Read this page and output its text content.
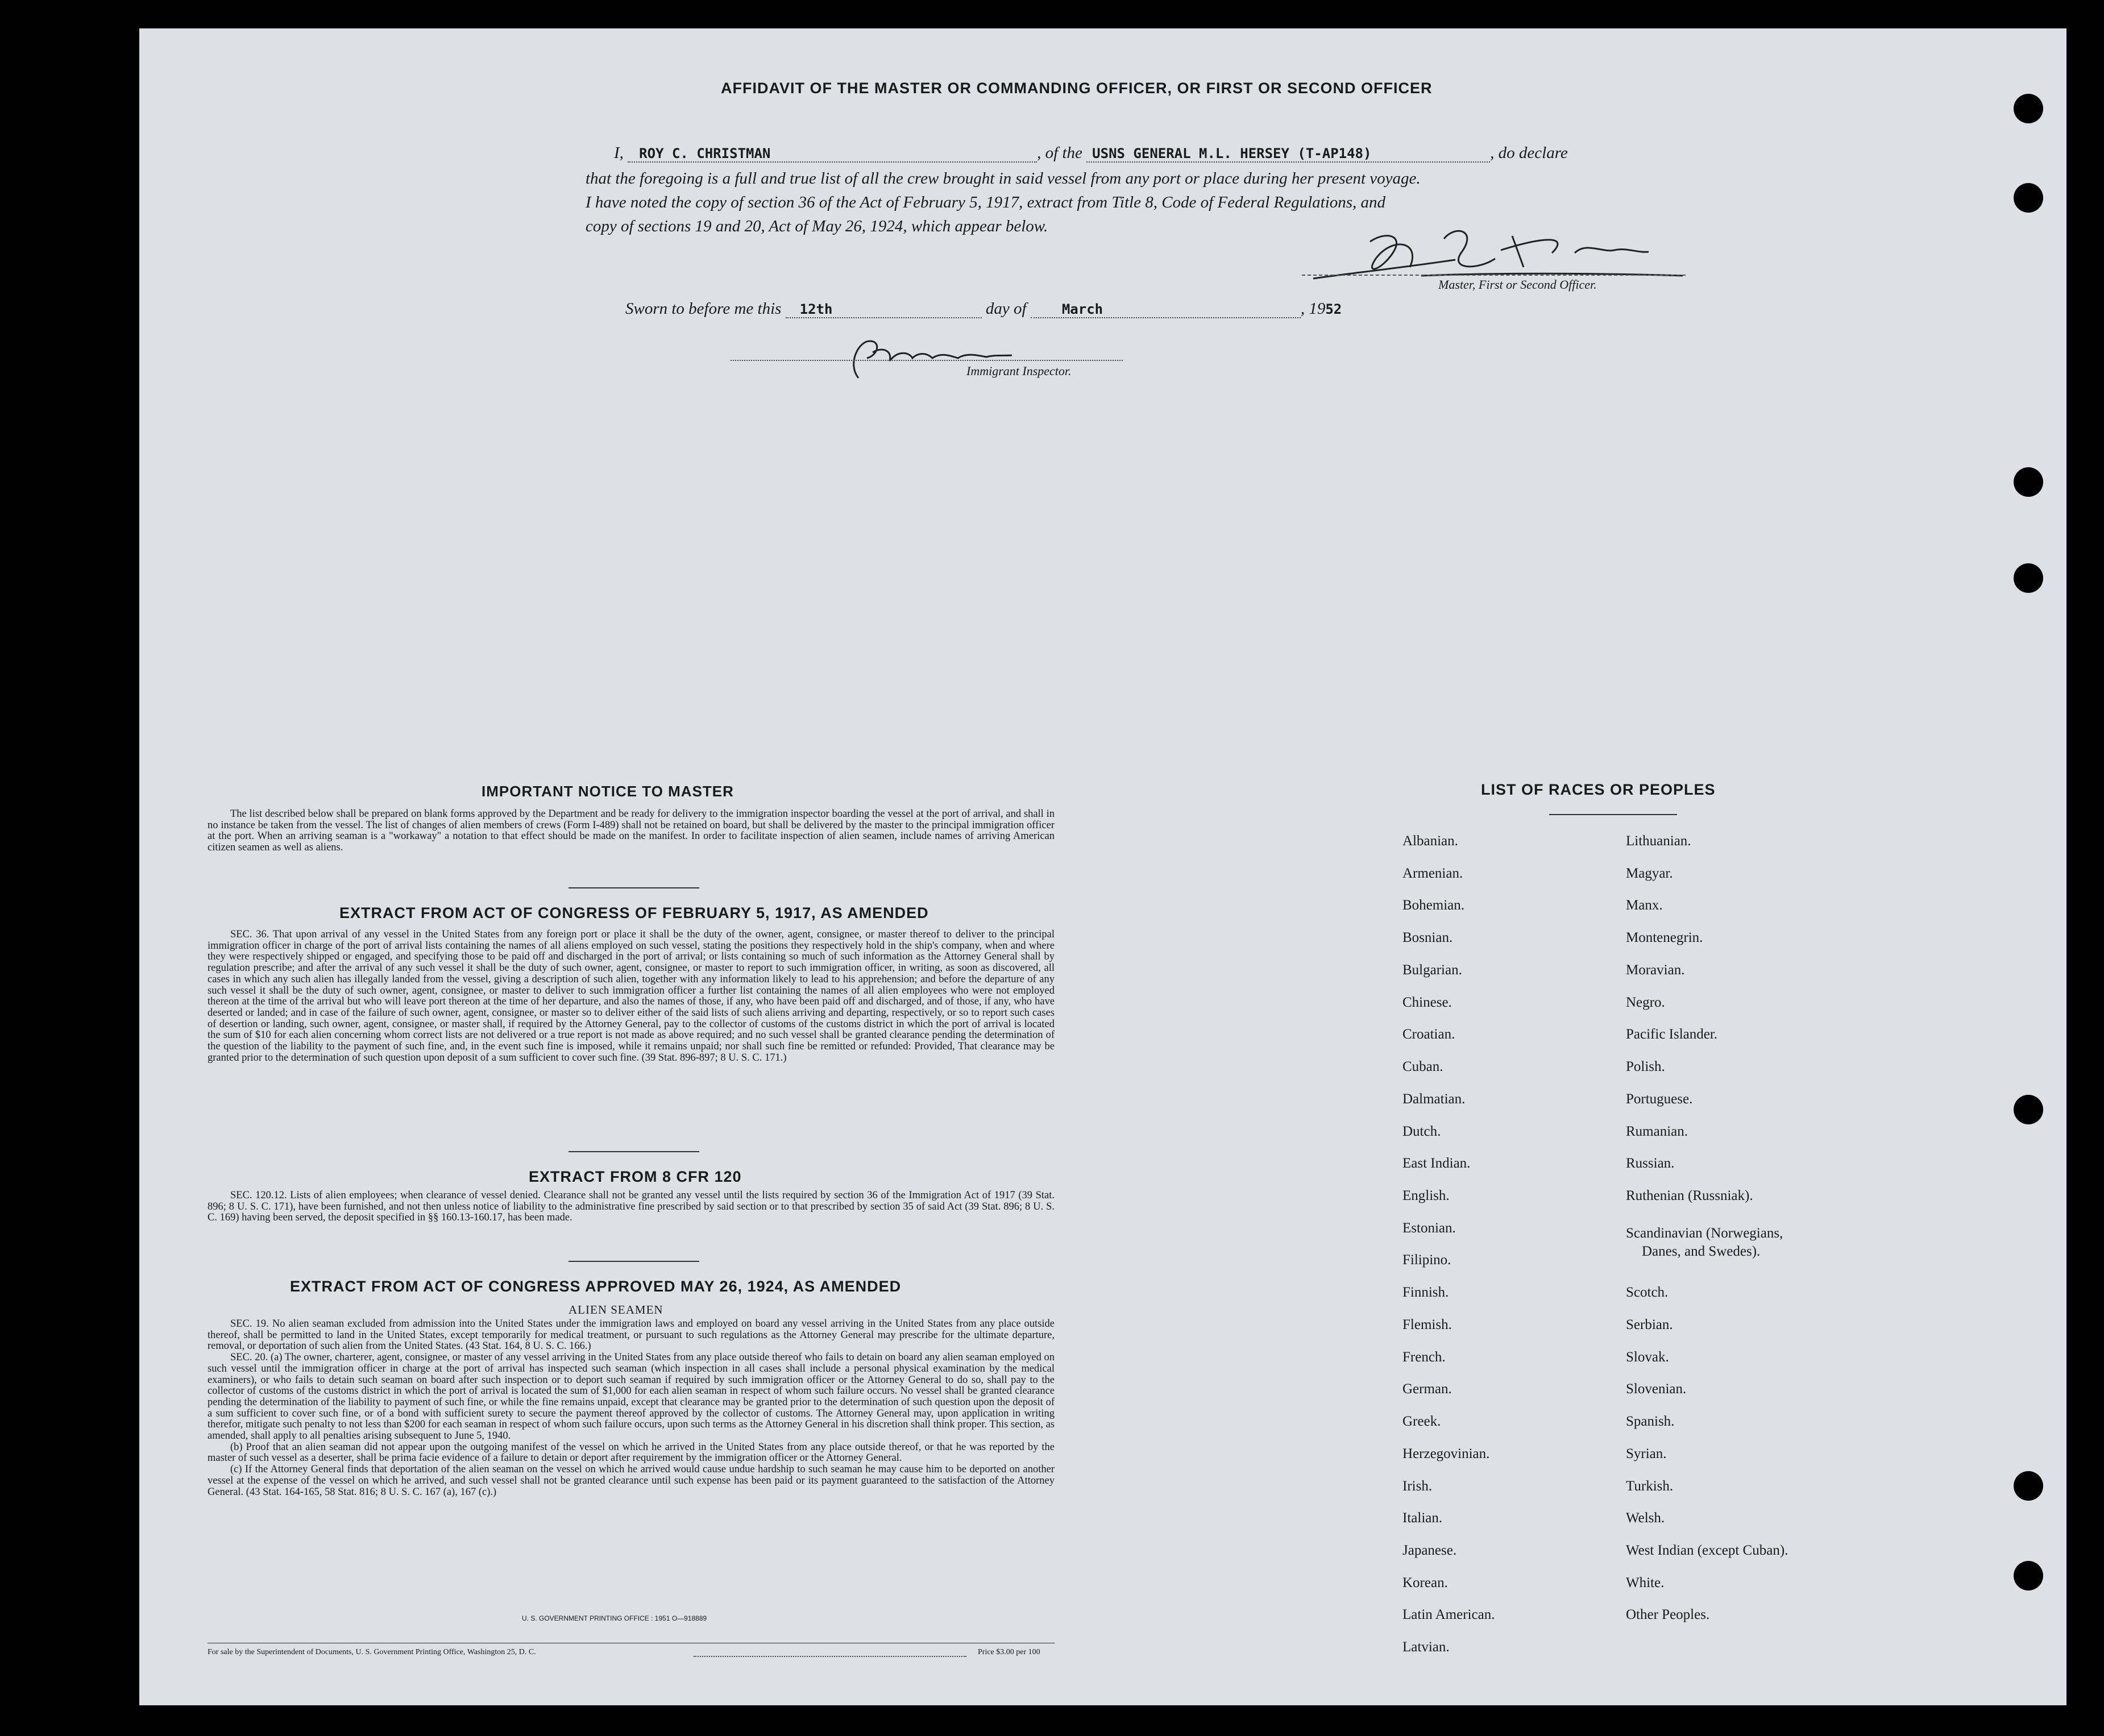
AFFIDAVIT OF THE MASTER OR COMMANDING OFFICER, OR FIRST OR SECOND OFFICER
I, ROY C. CHRISTMAN	, of the USNS GENERAL M.L. HERSEY (T-AP148)	, do declare
that the foregoing is a full and true list of all the crew brought in said vessel from any port or place during her present voyage.
I have noted the copy of section 36 of the Act of February 5, 1917, extract from Title 8, Code of Federal Regulations, and
copy of sections 19 and 20, Act of May 26, 1924, which appear below.
Master, First or Second Officer.
Sworn to before me this 12th	day of	March	, 1952
Immigrant Inspector.
IMPORTANT NOTICE TO MASTER

The list described below shall be prepared on blank forms approved by the Department and be ready for delivery to the immigration inspector boarding the vessel at the port of arrival, and shall in no instance be taken from the vessel. The list of changes of alien members of crews (Form I-489) shall not be retained on board, but shall be delivered by the master to the principal immigration officer at the port. When an arriving seaman is a "workaway" a notation to that effect should be made on the manifest. In order to facilitate inspection of alien seamen, include names of arriving American citizen seamen as well as aliens.

EXTRACT FROM ACT OF CONGRESS OF FEBRUARY 5, 1917, AS AMENDED

SEC. 36. That upon arrival of any vessel in the United States from any foreign port or place it shall be the duty of the owner, agent, consignee, or master thereof to deliver to the principal immigration officer in charge of the port of arrival lists containing the names of all aliens employed on such vessel, stating the positions they respectively hold in the ship's company, when and where they were respectively shipped or engaged, and specifying those to be paid off and discharged in the port of arrival; or lists containing so much of such information as the Attorney General shall by regulation prescribe; and after the arrival of any such vessel it shall be the duty of such owner, agent, consignee, or master to report to such immigration officer, in writing, as soon as discovered, all cases in which any such alien has illegally landed from the vessel, giving a description of such alien, together with any information likely to lead to his apprehension; and before the departure of any such vessel it shall be the duty of such owner, agent, consignee, or master to deliver to such immigration officer a further list containing the names of all alien employees who were not employed thereon at the time of the arrival but who will leave port thereon at the time of her departure, and also the names of those, if any, who have been paid off and discharged, and of those, if any, who have deserted or landed; and in case of the failure of such owner, agent, consignee, or master so to deliver either of the said lists of such aliens arriving and departing, respectively, or so to report such cases of desertion or landing, such owner, agent, consignee, or master shall, if required by the Attorney General, pay to the collector of customs of the customs district in which the port of arrival is located the sum of $10 for each alien concerning whom correct lists are not delivered or a true report is not made as above required; and no such vessel shall be granted clearance pending the determination of the question of the liability to the payment of such fine, and, in the event such fine is imposed, while it remains unpaid; nor shall such fine be remitted or refunded: Provided, That clearance may be granted prior to the determination of such question upon deposit of a sum sufficient to cover such fine. (39 Stat. 896-897; 8 U. S. C. 171.)

EXTRACT FROM 8 CFR 120

SEC. 120.12. Lists of alien employees; when clearance of vessel denied. Clearance shall not be granted any vessel until the lists required by section 36 of the Immigration Act of 1917 (39 Stat. 896; 8 U. S. C. 171), have been furnished, and not then unless notice of liability to the administrative fine prescribed by said section or to that prescribed by section 35 of said Act (39 Stat. 896; 8 U. S. C. 169) having been served, the deposit specified in §§ 160.13-160.17, has been made.

EXTRACT FROM ACT OF CONGRESS APPROVED MAY 26, 1924, AS AMENDED
ALIEN SEAMEN

SEC. 19. No alien seaman excluded from admission into the United States under the immigration laws and employed on board any vessel arriving in the United States from any place outside thereof, shall be permitted to land in the United States, except temporarily for medical treatment, or pursuant to such regulations as the Attorney General may prescribe for the ultimate departure, removal, or deportation of such alien from the United States. (43 Stat. 164, 8 U. S. C. 166.)

SEC. 20. (a) The owner, charterer, agent, consignee, or master of any vessel arriving in the United States from any place outside thereof who fails to detain on board any alien seaman employed on such vessel until the immigration officer in charge at the port of arrival has inspected such seaman (which inspection in all cases shall include a personal physical examination by the medical examiners), or who fails to detain such seaman on board after such inspection or to deport such seaman if required by such immigration officer or the Attorney General to do so, shall pay to the collector of customs of the customs district in which the port of arrival is located the sum of $1,000 for each alien seaman in respect of whom such failure occurs. No vessel shall be granted clearance pending the determination of the liability to payment of such fine, or while the fine remains unpaid, except that clearance may be granted prior to the determination of such question upon the deposit of a sum sufficient to cover such fine, or of a bond with sufficient surety to secure the payment thereof approved by the collector of customs. The Attorney General may, upon application in writing therefor, mitigate such penalty to not less than $200 for each seaman in respect of whom such failure occurs, upon such terms as the Attorney General in his discretion shall think proper. This section, as amended, shall apply to all penalties arising subsequent to June 5, 1940.

(b) Proof that an alien seaman did not appear upon the outgoing manifest of the vessel on which he arrived in the United States from any place outside thereof, or that he was reported by the master of such vessel as a deserter, shall be prima facie evidence of a failure to detain or deport after requirement by the immigration officer or the Attorney General.

(c) If the Attorney General finds that deportation of the alien seaman on the vessel on which he arrived would cause undue hardship to such seaman he may cause him to be deported on another vessel at the expense of the vessel on which he arrived, and such vessel shall not be granted clearance until such expense has been paid or its payment guaranteed to the satisfaction of the Attorney General. (43 Stat. 164-165, 58 Stat. 816; 8 U. S. C. 167 (a), 167 (c).)

U. S. GOVERNMENT PRINTING OFFICE : 1951 O—918889
For sale by the Superintendent of Documents, U. S. Government Printing Office, Washington 25, D. C.	Price $3.00 per 100
LIST OF RACES OR PEOPLES
Albanian.
Armenian.
Bohemian.
Bosnian.
Bulgarian.
Chinese.
Croatian.
Cuban.
Dalmatian.
Dutch.
East Indian.
English.
Estonian.
Filipino.
Finnish.
Flemish.
French.
German.
Greek.
Herzegovinian.
Irish.
Italian.
Japanese.
Korean.
Latin American.
Latvian.
Lithuanian.
Magyar.
Manx.
Montenegrin.
Moravian.
Negro.
Pacific Islander.
Polish.
Portuguese.
Rumanian.
Russian.
Ruthenian (Russniak).
Scandinavian (Norwegians,
Danes, and Swedes).
Scotch.
Serbian.
Slovak.
Slovenian.
Spanish.
Syrian.
Turkish.
Welsh.
West Indian (except Cuban).
White.
Other Peoples.
